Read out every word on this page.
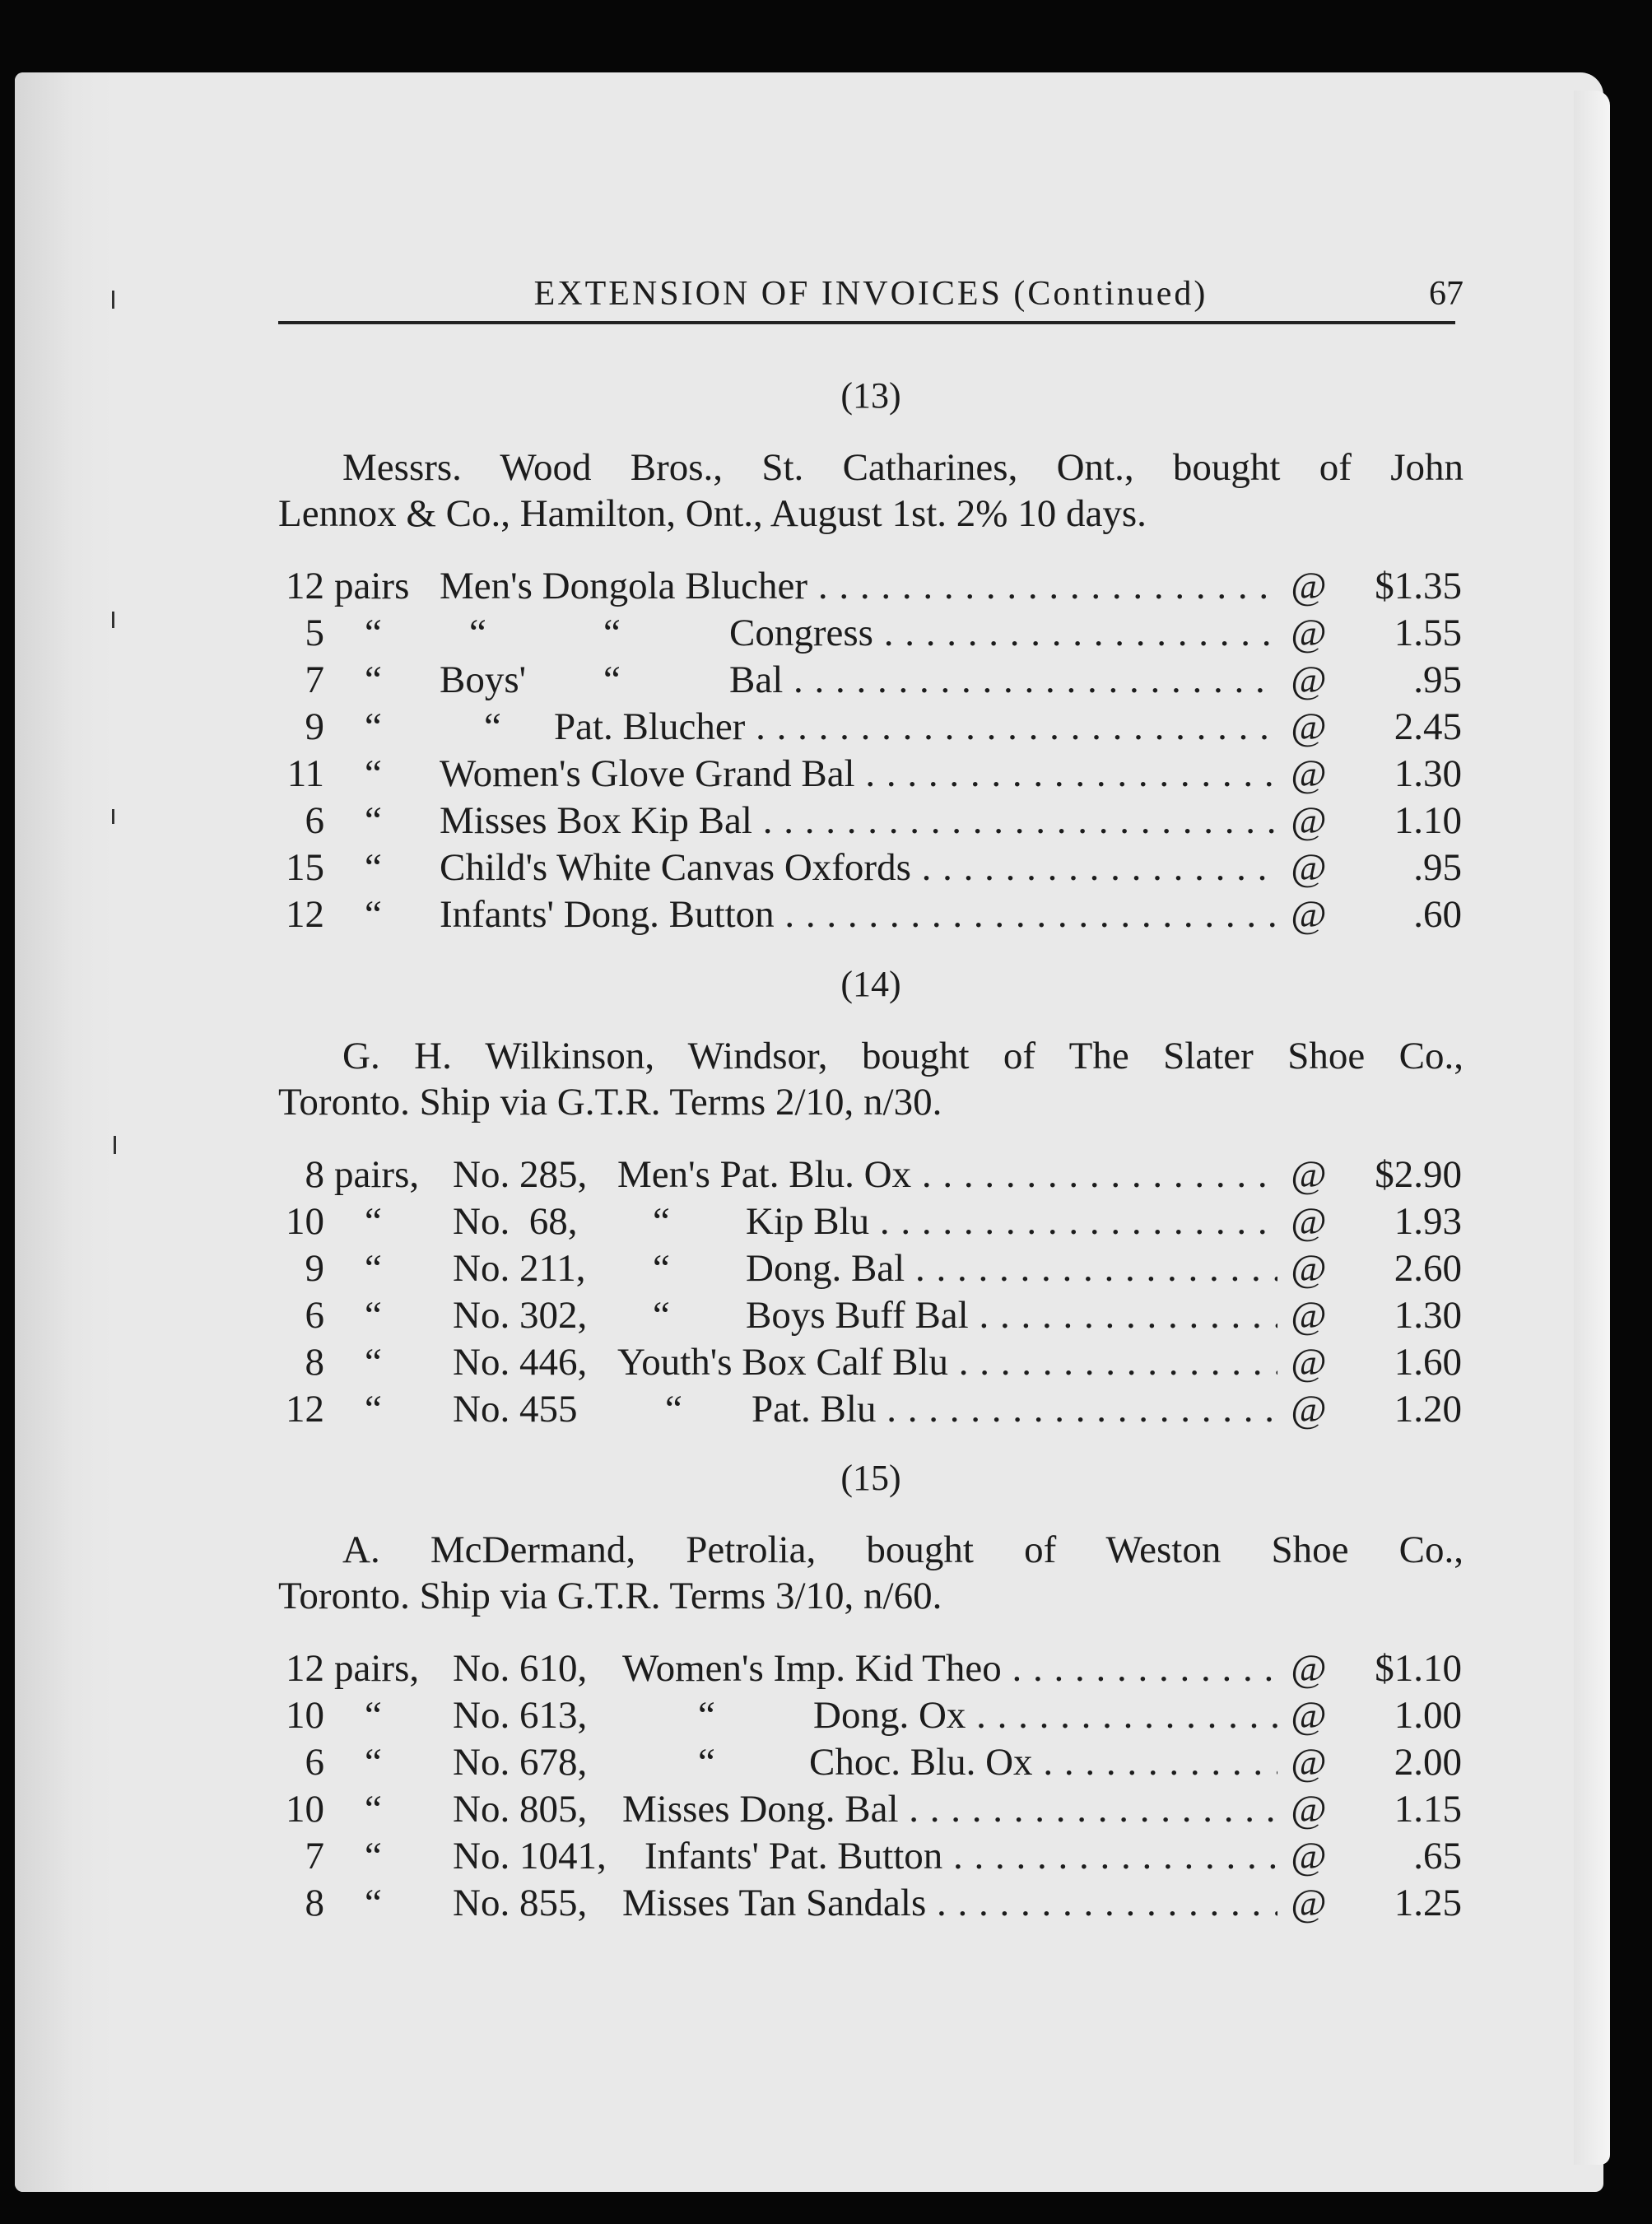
EXTENSION OF INVOICES (Continued)	67
(13)

Messrs. Wood Bros., St. Catharines, Ont., bought of John

Lennox & Co., Hamilton, Ont., August 1st. 2% 10 days.

12 pairs Men's Dongola Blucher . . .	@ $1.35
5 “ “	“	Congress . . .	@ 1.55
7 “ Boys' “	Bal . . .	@ .95
9 “	“ Pat. Blucher . . .	@ 2.45
11 “ Women's Glove Grand Bal . . .	@ 1.30
6 “ Misses Box Kip Bal . . .	@ 1.10
15 “ Child's White Canvas Oxfords . . .	@ .95
12 “ Infants' Dong. Button . . .	@ .60
(14)

G. H. Wilkinson, Windsor, bought of The Slater Shoe Co.,

Toronto. Ship via G.T.R. Terms 2/10, n/30.

8 pairs, No. 285, Men's Pat. Blu. Ox . . .	@ $2.90
10 “ No.  68, “ Kip Blu . . .	@ 1.93
9 “ No. 211, “ Dong. Bal . . .	@ 2.60
6 “ No. 302, “ Boys Buff Bal . . .	@ 1.30
8 “ No. 446, Youth's Box Calf Blu . . .	@ 1.60
12 “ No. 455 “ Pat. Blu . . .	@ 1.20
(15)

A. McDermand, Petrolia, bought of Weston Shoe Co.,

Toronto. Ship via G.T.R. Terms 3/10, n/60.

12 pairs, No. 610, Women's Imp. Kid Theo . . .	@ $1.10
10 “ No. 613,	“	Dong. Ox . . .	@ 1.00
6 “ No. 678,	“ Choc. Blu. Ox . . .	@ 2.00
10 “ No. 805, Misses Dong. Bal . . .	@ 1.15
7 “ No. 1041, Infants' Pat. Button . . .	@ .65
8 “ No. 855, Misses Tan Sandals . . .	@ 1.25
